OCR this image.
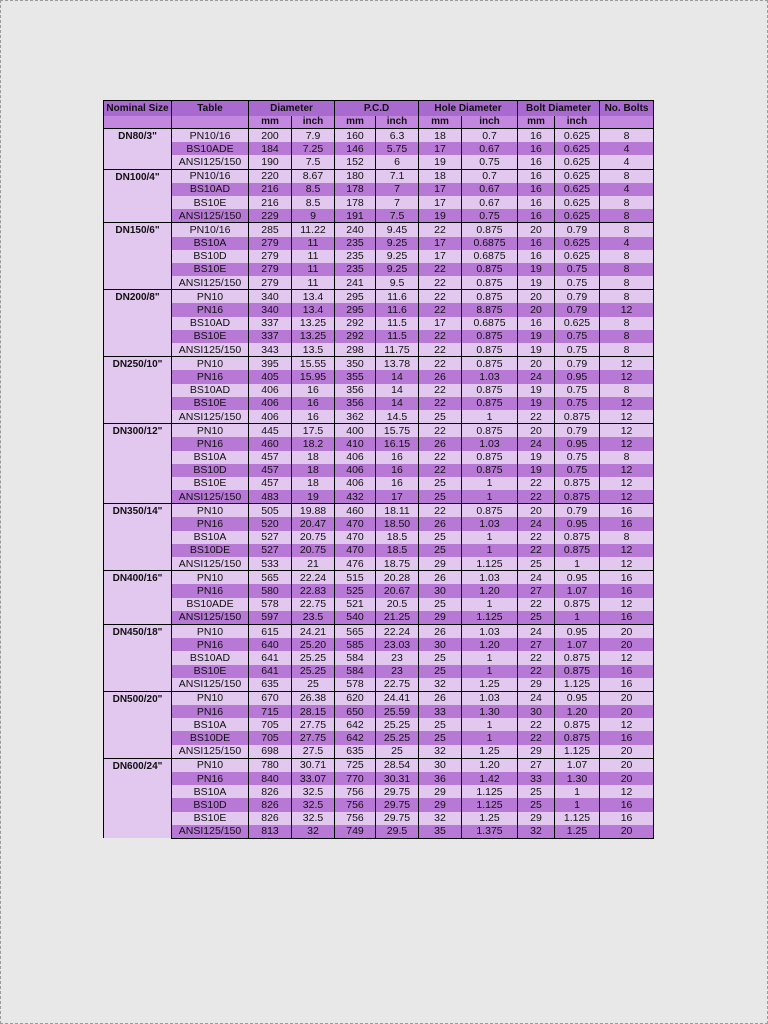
Nominal Size	Table	Diameter		P.C.D		Hole Diameter		Bolt Diameter		No. Bolts
		mm	inch	mm	inch	mm	inch	mm	inch	
DN80/3"	PN10/16	200	7.9	160	6.3	18	0.7	16	0.625	8
	BS10ADE	184	7.25	146	5.75	17	0.67	16	0.625	4
	ANSI125/150	190	7.5	152	6	19	0.75	16	0.625	4
DN100/4"	PN10/16	220	8.67	180	7.1	18	0.7	16	0.625	8
	BS10AD	216	8.5	178	7	17	0.67	16	0.625	4
	BS10E	216	8.5	178	7	17	0.67	16	0.625	8
	ANSI125/150	229	9	191	7.5	19	0.75	16	0.625	8
DN150/6"	PN10/16	285	11.22	240	9.45	22	0.875	20	0.79	8
	BS10A	279	11	235	9.25	17	0.6875	16	0.625	4
	BS10D	279	11	235	9.25	17	0.6875	16	0.625	8
	BS10E	279	11	235	9.25	22	0.875	19	0.75	8
	ANSI125/150	279	11	241	9.5	22	0.875	19	0.75	8
DN200/8"	PN10	340	13.4	295	11.6	22	0.875	20	0.79	8
	PN16	340	13.4	295	11.6	22	8.875	20	0.79	12
	BS10AD	337	13.25	292	11.5	17	0.6875	16	0.625	8
	BS10E	337	13.25	292	11.5	22	0.875	19	0.75	8
	ANSI125/150	343	13.5	298	11.75	22	0.875	19	0.75	8
DN250/10"	PN10	395	15.55	350	13.78	22	0.875	20	0.79	12
	PN16	405	15.95	355	14	26	1.03	24	0.95	12
	BS10AD	406	16	356	14	22	0.875	19	0.75	8
	BS10E	406	16	356	14	22	0.875	19	0.75	12
	ANSI125/150	406	16	362	14.5	25	1	22	0.875	12
DN300/12"	PN10	445	17.5	400	15.75	22	0.875	20	0.79	12
	PN16	460	18.2	410	16.15	26	1.03	24	0.95	12
	BS10A	457	18	406	16	22	0.875	19	0.75	8
	BS10D	457	18	406	16	22	0.875	19	0.75	12
	BS10E	457	18	406	16	25	1	22	0.875	12
	ANSI125/150	483	19	432	17	25	1	22	0.875	12
DN350/14"	PN10	505	19.88	460	18.11	22	0.875	20	0.79	16
	PN16	520	20.47	470	18.50	26	1.03	24	0.95	16
	BS10A	527	20.75	470	18.5	25	1	22	0.875	8
	BS10DE	527	20.75	470	18.5	25	1	22	0.875	12
	ANSI125/150	533	21	476	18.75	29	1.125	25	1	12
DN400/16"	PN10	565	22.24	515	20.28	26	1.03	24	0.95	16
	PN16	580	22.83	525	20.67	30	1.20	27	1.07	16
	BS10ADE	578	22.75	521	20.5	25	1	22	0.875	12
	ANSI125/150	597	23.5	540	21.25	29	1.125	25	1	16
DN450/18"	PN10	615	24.21	565	22.24	26	1.03	24	0.95	20
	PN16	640	25.20	585	23.03	30	1.20	27	1.07	20
	BS10AD	641	25.25	584	23	25	1	22	0.875	12
	BS10E	641	25.25	584	23	25	1	22	0.875	16
	ANSI125/150	635	25	578	22.75	32	1.25	29	1.125	16
DN500/20"	PN10	670	26.38	620	24.41	26	1.03	24	0.95	20
	PN16	715	28.15	650	25.59	33	1.30	30	1.20	20
	BS10A	705	27.75	642	25.25	25	1	22	0.875	12
	BS10DE	705	27.75	642	25.25	25	1	22	0.875	16
	ANSI125/150	698	27.5	635	25	32	1.25	29	1.125	20
DN600/24"	PN10	780	30.71	725	28.54	30	1.20	27	1.07	20
	PN16	840	33.07	770	30.31	36	1.42	33	1.30	20
	BS10A	826	32.5	756	29.75	29	1.125	25	1	12
	BS10D	826	32.5	756	29.75	29	1.125	25	1	16
	BS10E	826	32.5	756	29.75	32	1.25	29	1.125	16
	ANSI125/150	813	32	749	29.5	35	1.375	32	1.25	20
